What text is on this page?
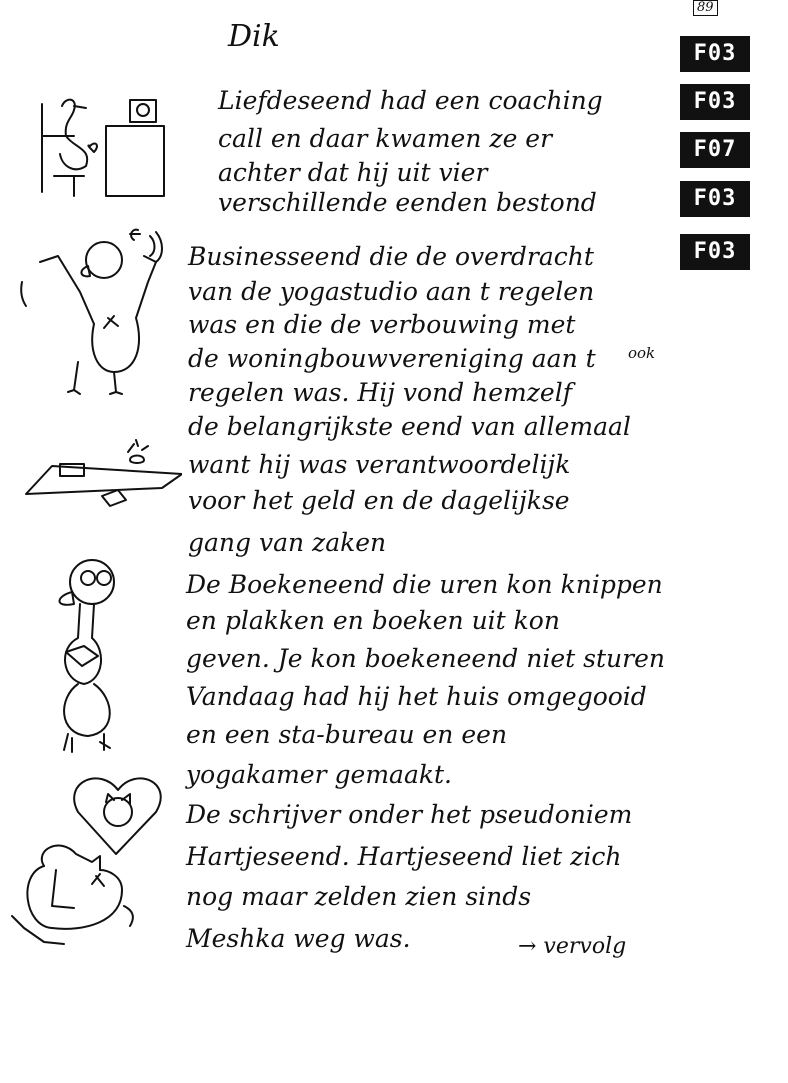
89
Dik	F03
F03
F07
F03
F03
Liefdeseend had een coaching
call en daar kwamen ze er
achter dat hij uit vier
verschillende eenden bestond
Businesseend die de overdracht
van de yogastudio aan t regelen
was en die de verbouwing met
ook
de woningbouwvereniging aan t
regelen was. Hij vond hemzelf
de belangrijkste eend van allemaal
want hij was verantwoordelijk
voor het geld en de dagelijkse
gang van zaken
De Boekeneend die uren kon knippen
en plakken en boeken uit kon
geven. Je kon boekeneend niet sturen
Vandaag had hij het huis omgegooid
en een sta-bureau en een
yogakamer gemaakt.
De schrijver onder het pseudoniem
Hartjeseend. Hartjeseend liet zich
nog maar zelden zien sinds
Meshka weg was.	→ vervolg
